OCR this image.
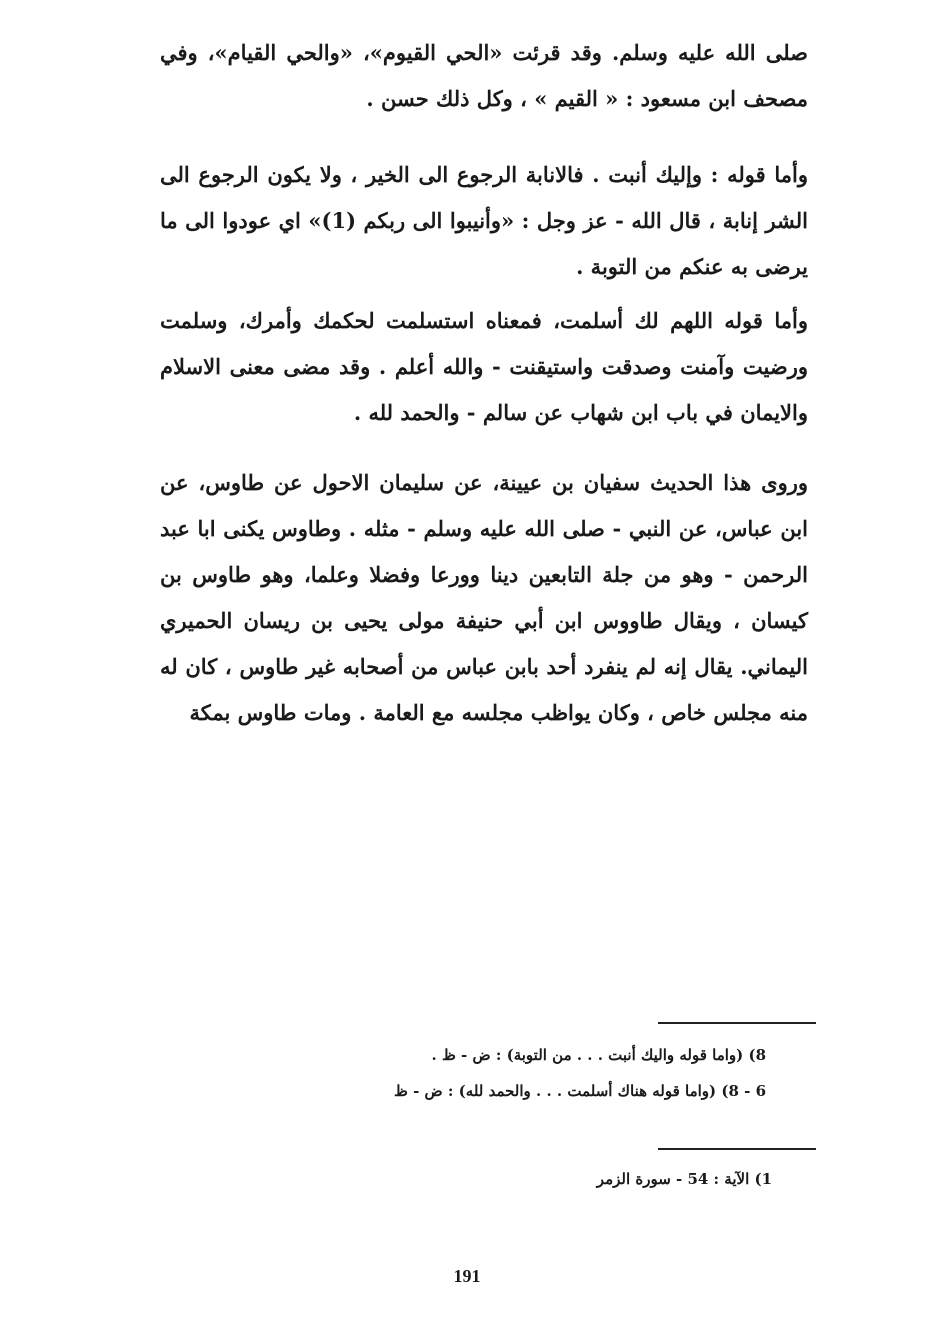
صلى الله عليه وسلم. وقد قرئت «الحي القيوم»، «والحي القيام»، وفي مصحف ابن مسعود : « القيم » ، وكل ذلك حسن .

وأما قوله : وإليك أنبت . فالانابة الرجوع الى الخير ، ولا يكون الرجوع الى الشر إنابة ، قال الله - عز وجل : «وأنيبوا الى ربكم (1)» اي عودوا الى ما يرضى به عنكم من التوبة .

وأما قوله اللهم لك أسلمت، فمعناه استسلمت لحكمك وأمرك، وسلمت ورضيت وآمنت وصدقت واستيقنت - والله أعلم . وقد مضى معنى الاسلام والايمان في باب ابن شهاب عن سالم - والحمد لله .

وروى هذا الحديث سفيان بن عيينة، عن سليمان الاحول عن طاوس، عن ابن عباس، عن النبي - صلى الله عليه وسلم - مثله . وطاوس يكنى ابا عبد الرحمن - وهو من جلة التابعين دينا وورعا وفضلا وعلما، وهو طاوس بن كيسان ، ويقال طاووس ابن أبي حنيفة مولى يحيى بن ريسان الحميري اليماني. يقال إنه لم ينفرد أحد بابن عباس من أصحابه غير طاوس ، كان له منه مجلس خاص ، وكان يواظب مجلسه مع العامة . ومات طاوس بمكة

8) (واما قوله واليك أنبت . . . من التوبة) : ض - ظ .

6 - 8) (واما قوله هناك أسلمت . . . والحمد لله) : ض - ظ

1) الآية : 54 - سورة الزمر

191
